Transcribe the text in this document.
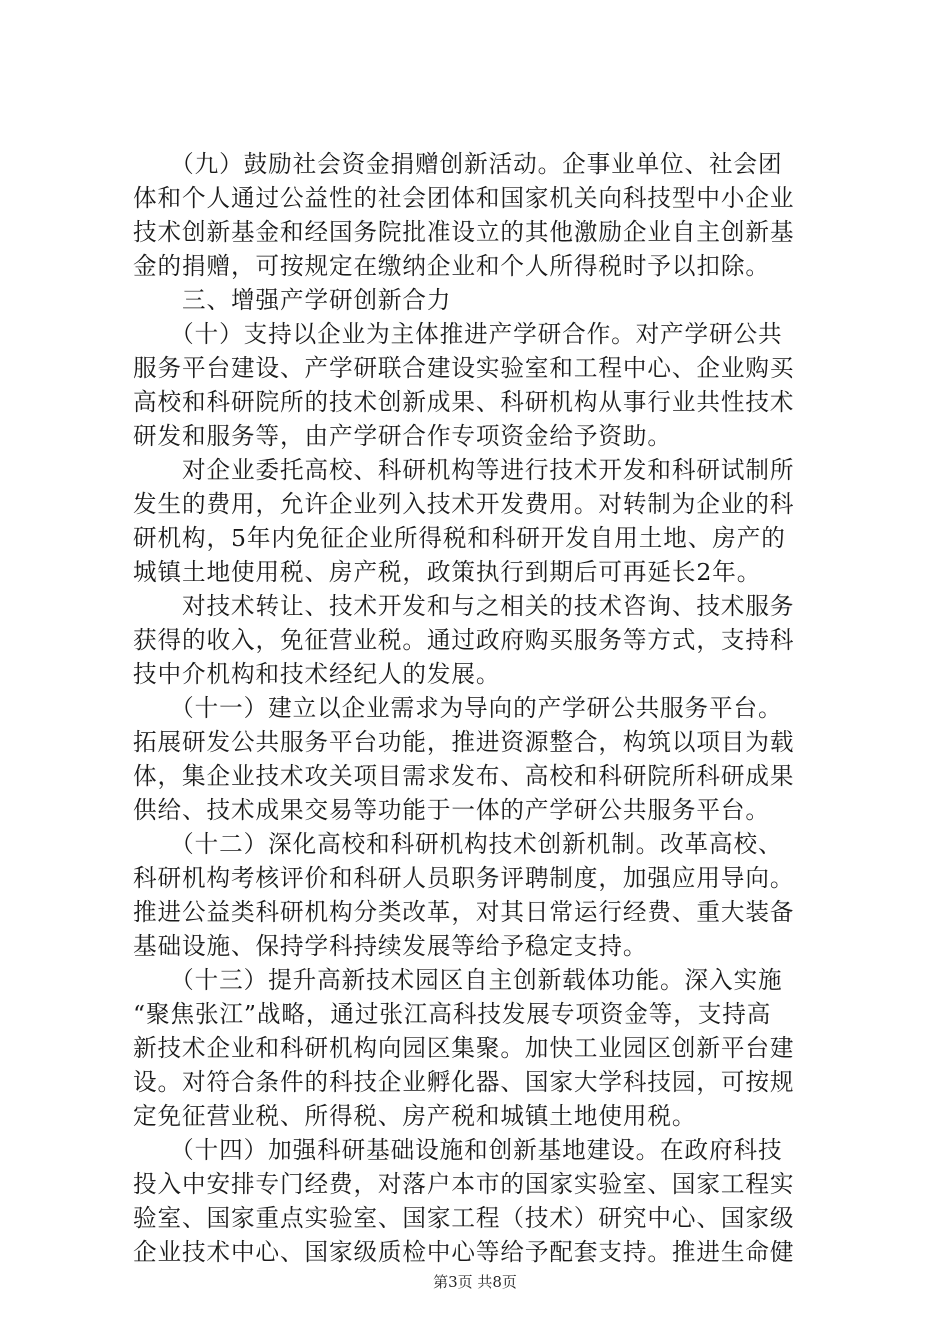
　　（九）鼓励社会资金捐赠创新活动。企事业单位、社会团
体和个人通过公益性的社会团体和国家机关向科技型中小企业
技术创新基金和经国务院批准设立的其他激励企业自主创新基
金的捐赠，可按规定在缴纳企业和个人所得税时予以扣除。
　　三、增强产学研创新合力
　　（十）支持以企业为主体推进产学研合作。对产学研公共
服务平台建设、产学研联合建设实验室和工程中心、企业购买
高校和科研院所的技术创新成果、科研机构从事行业共性技术
研发和服务等，由产学研合作专项资金给予资助。
　　对企业委托高校、科研机构等进行技术开发和科研试制所
发生的费用，允许企业列入技术开发费用。对转制为企业的科
研机构，5年内免征企业所得税和科研开发自用土地、房产的
城镇土地使用税、房产税，政策执行到期后可再延长2年。
　　对技术转让、技术开发和与之相关的技术咨询、技术服务
获得的收入，免征营业税。通过政府购买服务等方式，支持科
技中介机构和技术经纪人的发展。
　　（十一）建立以企业需求为导向的产学研公共服务平台。
拓展研发公共服务平台功能，推进资源整合，构筑以项目为载
体，集企业技术攻关项目需求发布、高校和科研院所科研成果
供给、技术成果交易等功能于一体的产学研公共服务平台。
　　（十二）深化高校和科研机构技术创新机制。改革高校、
科研机构考核评价和科研人员职务评聘制度，加强应用导向。
推进公益类科研机构分类改革，对其日常运行经费、重大装备
基础设施、保持学科持续发展等给予稳定支持。
　　（十三）提升高新技术园区自主创新载体功能。深入实施
“聚焦张江”战略，通过张江高科技发展专项资金等，支持高
新技术企业和科研机构向园区集聚。加快工业园区创新平台建
设。对符合条件的科技企业孵化器、国家大学科技园，可按规
定免征营业税、所得税、房产税和城镇土地使用税。
　　（十四）加强科研基础设施和创新基地建设。在政府科技
投入中安排专门经费，对落户本市的国家实验室、国家工程实
验室、国家重点实验室、国家工程（技术）研究中心、国家级
企业技术中心、国家级质检中心等给予配套支持。推进生命健
第3页 共8页
